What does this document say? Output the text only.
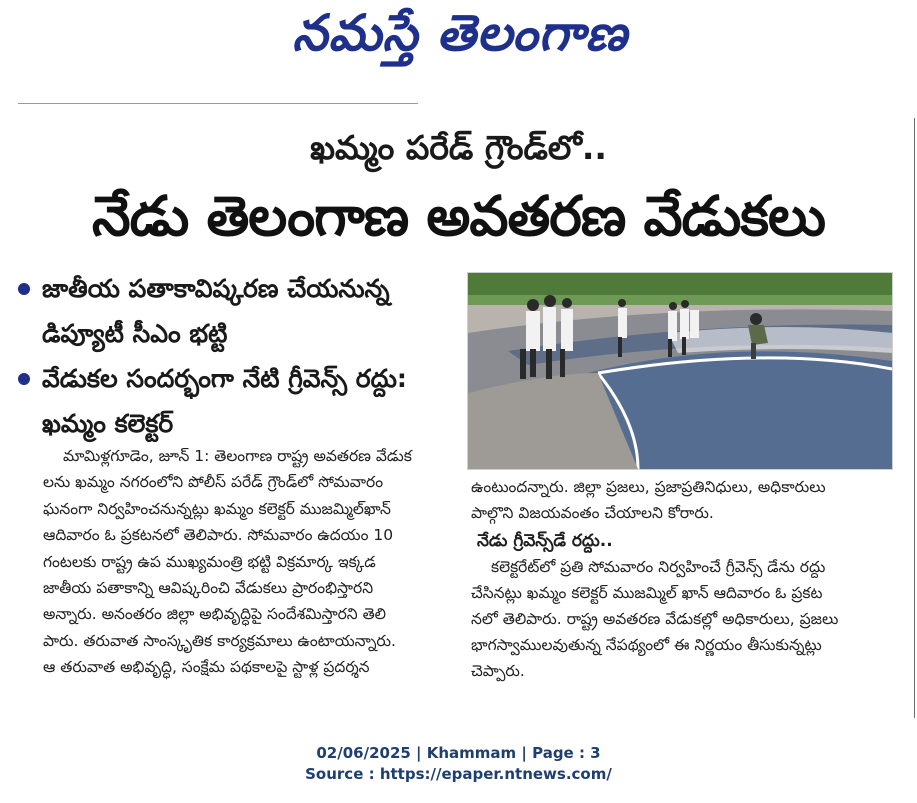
నమస్తే తెలంగాణ
ఖమ్మం పరేడ్ గ్రౌండ్‌లో..
నేడు తెలంగాణ అవతరణ వేడుకలు
జాతీయ పతాకావిష్కరణ చేయనున్న
డిప్యూటీ సీఎం భట్టి
వేడుకల సందర్భంగా నేటి గ్రీవెన్స్ రద్దు:
ఖమ్మం కలెక్టర్

మామిళ్లగూడెం, జూన్ 1: తెలంగాణ రాష్ట్ర అవతరణ వేడుక

లను ఖమ్మం నగరంలోని పోలీస్ పరేడ్ గ్రౌండ్‌లో సోమవారం

ఘనంగా నిర్వహించనున్నట్లు ఖమ్మం కలెక్టర్ ముజమ్మిల్‌ఖాన్

ఆదివారం ఓ ప్రకటనలో తెలిపారు. సోమవారం ఉదయం 10

గంటలకు రాష్ట్ర ఉప ముఖ్యమంత్రి భట్టి విక్రమార్క ఇక్కడ

జాతీయ పతాకాన్ని ఆవిష్కరించి వేడుకలు ప్రారంభిస్తారని

అన్నారు. అనంతరం జిల్లా అభివృద్ధిపై సందేశమిస్తారని తెలి

పారు. తరువాత సాంస్కృతిక కార్యక్రమాలు ఉంటాయన్నారు.

ఆ తరువాత అభివృద్ధి, సంక్షేమ పథకాలపై స్టాళ్ల ప్రదర్శన

ఉంటుందన్నారు. జిల్లా ప్రజలు, ప్రజాప్రతినిధులు, అధికారులు

పాల్గొని విజయవంతం చేయాలని కోరారు.

నేడు గ్రీవెన్స్‌డే రద్దు..

కలెక్టరేట్‌లో ప్రతి సోమవారం నిర్వహించే గ్రీవెన్స్ డేను రద్దు

చేసినట్లు ఖమ్మం కలెక్టర్ ముజమ్మిల్ ఖాన్ ఆదివారం ఓ ప్రకట

నలో తెలిపారు. రాష్ట్ర అవతరణ వేడుకల్లో అధికారులు, ప్రజలు

భాగస్వాములవుతున్న నేపథ్యంలో ఈ నిర్ణయం తీసుకున్నట్లు

చెప్పారు.

02/06/2025 | Khammam | Page : 3
Source : https://epaper.ntnews.com/
